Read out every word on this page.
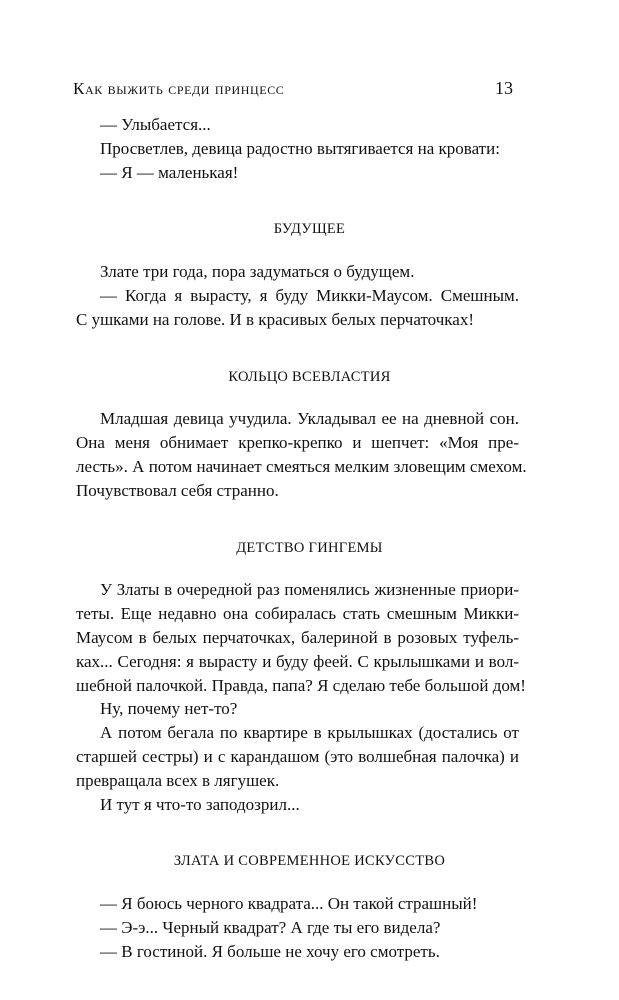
Как выжить среди принцесс	13
— Улыбается...
Просветлев, девица радостно вытягивается на кровати:
— Я — маленькая!

БУДУЩЕЕ

Злате три года, пора задуматься о будущем.
— Когда я вырасту, я буду Микки-Маусом. Смешным.
С ушками на голове. И в красивых белых перчаточках!

КОЛЬЦО ВСЕВЛАСТИЯ

Младшая девица учудила. Укладывал ее на дневной сон.
Она меня обнимает крепко-крепко и шепчет: «Моя пре-
лесть». А потом начинает смеяться мелким зловещим смехом.
Почувствовал себя странно.

ДЕТСТВО ГИНГЕМЫ

У Златы в очередной раз поменялись жизненные приори-
теты. Еще недавно она собиралась стать смешным Микки-
Маусом в белых перчаточках, балериной в розовых туфель-
ках... Сегодня: я вырасту и буду феей. С крылышками и вол-
шебной палочкой. Правда, папа? Я сделаю тебе большой дом!
Ну, почему нет-то?
А потом бегала по квартире в крылышках (достались от
старшей сестры) и с карандашом (это волшебная палочка) и
превращала всех в лягушек.
И тут я что-то заподозрил...

ЗЛАТА И СОВРЕМЕННОЕ ИСКУССТВО

— Я боюсь черного квадрата... Он такой страшный!
— Э-э... Черный квадрат? А где ты его видела?
— В гостиной. Я больше не хочу его смотреть.
